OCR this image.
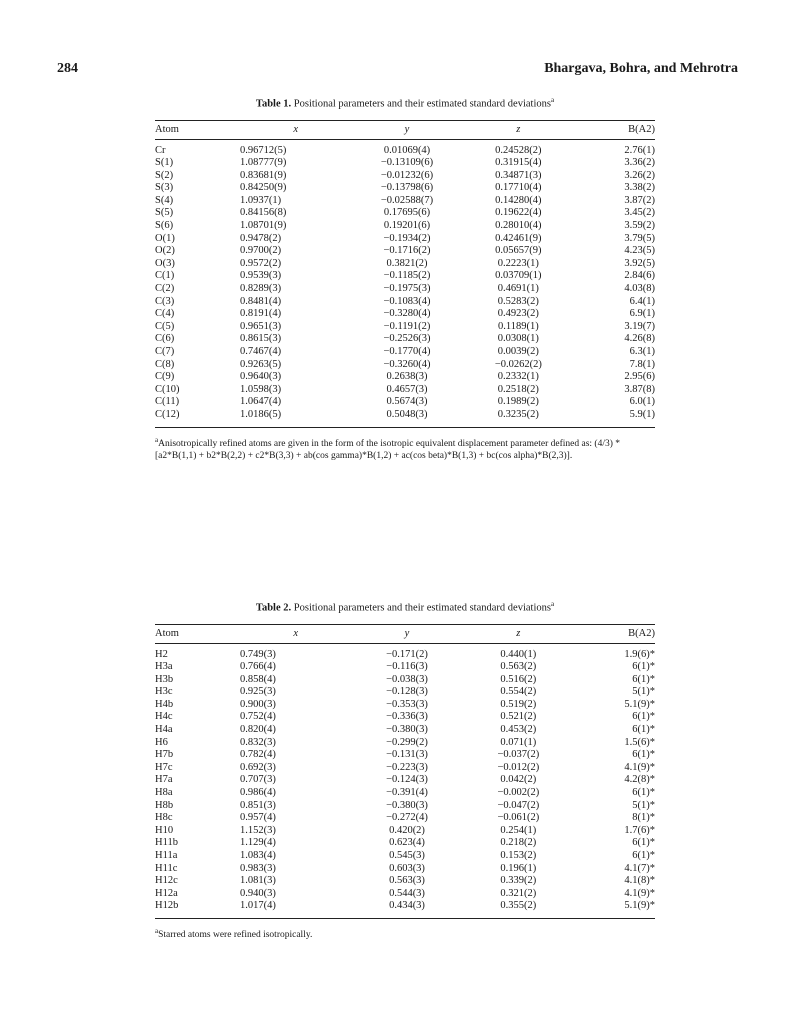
284	Bhargava, Bohra, and Mehrotra

Table 1. Positional parameters and their estimated standard deviations$^a$

Atom	x	y	z	B(A2)
Cr	0.96712(5)	0.01069(4)	0.24528(2)	2.76(1)
S(1)	1.08777(9)	−0.13109(6)	0.31915(4)	3.36(2)
S(2)	0.83681(9)	−0.01232(6)	0.34871(3)	3.26(2)
S(3)	0.84250(9)	−0.13798(6)	0.17710(4)	3.38(2)
S(4)	1.0937(1)	−0.02588(7)	0.14280(4)	3.87(2)
S(5)	0.84156(8)	0.17695(6)	0.19622(4)	3.45(2)
S(6)	1.08701(9)	0.19201(6)	0.28010(4)	3.59(2)
O(1)	0.9478(2)	−0.1934(2)	0.42461(9)	3.79(5)
O(2)	0.9700(2)	−0.1716(2)	0.05657(9)	4.23(5)
O(3)	0.9572(2)	0.3821(2)	0.2223(1)	3.92(5)
C(1)	0.9539(3)	−0.1185(2)	0.03709(1)	2.84(6)
C(2)	0.8289(3)	−0.1975(3)	0.4691(1)	4.03(8)
C(3)	0.8481(4)	−0.1083(4)	0.5283(2)	6.4(1)
C(4)	0.8191(4)	−0.3280(4)	0.4923(2)	6.9(1)
C(5)	0.9651(3)	−0.1191(2)	0.1189(1)	3.19(7)
C(6)	0.8615(3)	−0.2526(3)	0.0308(1)	4.26(8)
C(7)	0.7467(4)	−0.1770(4)	0.0039(2)	6.3(1)
C(8)	0.9263(5)	−0.3260(4)	−0.0262(2)	7.8(1)
C(9)	0.9640(3)	0.2638(3)	0.2332(1)	2.95(6)
C(10)	1.0598(3)	0.4657(3)	0.2518(2)	3.87(8)
C(11)	1.0647(4)	0.5674(3)	0.1989(2)	6.0(1)
C(12)	1.0186(5)	0.5048(3)	0.3235(2)	5.9(1)
$^a$Anisotropically refined atoms are given in the form of the isotropic equivalent displacement parameter defined as: (4/3) * [a2*B(1,1) + b2*B(2,2) + c2*B(3,3) + ab(cos gamma)*B(1,2) + ac(cos beta)*B(1,3) + bc(cos alpha)*B(2,3)].

Table 2. Positional parameters and their estimated standard deviations$^a$

Atom	x	y	z	B(A2)
H2	0.749(3)	−0.171(2)	0.440(1)	1.9(6)*
H3a	0.766(4)	−0.116(3)	0.563(2)	6(1)*
H3b	0.858(4)	−0.038(3)	0.516(2)	6(1)*
H3c	0.925(3)	−0.128(3)	0.554(2)	5(1)*
H4b	0.900(3)	−0.353(3)	0.519(2)	5.1(9)*
H4c	0.752(4)	−0.336(3)	0.521(2)	6(1)*
H4a	0.820(4)	−0.380(3)	0.453(2)	6(1)*
H6	0.832(3)	−0.299(2)	0.071(1)	1.5(6)*
H7b	0.782(4)	−0.131(3)	−0.037(2)	6(1)*
H7c	0.692(3)	−0.223(3)	−0.012(2)	4.1(9)*
H7a	0.707(3)	−0.124(3)	0.042(2)	4.2(8)*
H8a	0.986(4)	−0.391(4)	−0.002(2)	6(1)*
H8b	0.851(3)	−0.380(3)	−0.047(2)	5(1)*
H8c	0.957(4)	−0.272(4)	−0.061(2)	8(1)*
H10	1.152(3)	0.420(2)	0.254(1)	1.7(6)*
H11b	1.129(4)	0.623(4)	0.218(2)	6(1)*
H11a	1.083(4)	0.545(3)	0.153(2)	6(1)*
H11c	0.983(3)	0.603(3)	0.196(1)	4.1(7)*
H12c	1.081(3)	0.563(3)	0.339(2)	4.1(8)*
H12a	0.940(3)	0.544(3)	0.321(2)	4.1(9)*
H12b	1.017(4)	0.434(3)	0.355(2)	5.1(9)*
$^a$Starred atoms were refined isotropically.
